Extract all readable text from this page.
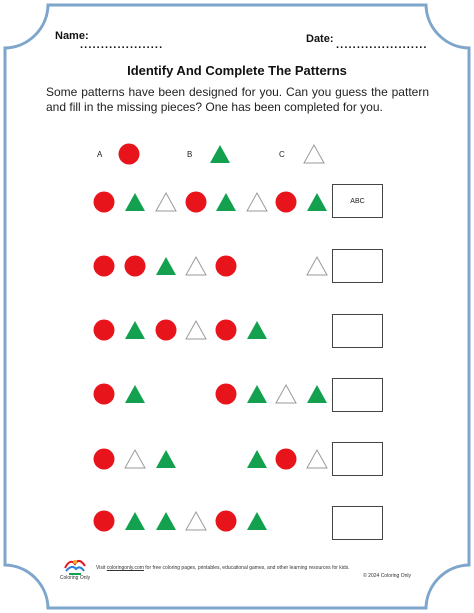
Name:
····················
Date:
······················
Identify And Complete The Patterns
Some patterns have been designed for you. Can you guess the pattern and fill in the missing pieces? One has been completed for you.
A	B	C
ABC
Coloring Only
Visit coloringonly.com for free coloring pages, printables, educational games, and other learning resources for kids.
© 2024 Coloring Only
